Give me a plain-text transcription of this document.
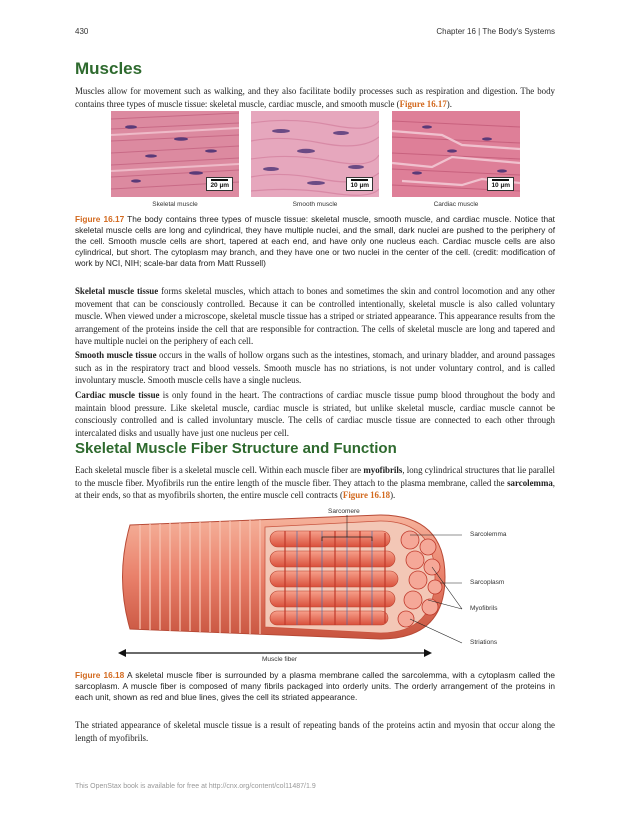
430	Chapter 16 | The Body's Systems
Muscles
Muscles allow for movement such as walking, and they also facilitate bodily processes such as respiration and digestion. The body contains three types of muscle tissue: skeletal muscle, cardiac muscle, and smooth muscle (Figure 16.17).
20 µm	10 µm	10 µm
Skeletal muscle	Smooth muscle	Cardiac muscle
Figure 16.17 The body contains three types of muscle tissue: skeletal muscle, smooth muscle, and cardiac muscle. Notice that skeletal muscle cells are long and cylindrical, they have multiple nuclei, and the small, dark nuclei are pushed to the periphery of the cell. Smooth muscle cells are short, tapered at each end, and have only one nucleus each. Cardiac muscle cells are also cylindrical, but short. The cytoplasm may branch, and they have one or two nuclei in the center of the cell. (credit: modification of work by NCI, NIH; scale-bar data from Matt Russell)
Skeletal muscle tissue forms skeletal muscles, which attach to bones and sometimes the skin and control locomotion and any other movement that can be consciously controlled. Because it can be controlled intentionally, skeletal muscle is also called voluntary muscle. When viewed under a microscope, skeletal muscle tissue has a striped or striated appearance. This appearance results from the arrangement of the proteins inside the cell that are responsible for contraction. The cells of skeletal muscle are long and tapered and have multiple nuclei on the periphery of each cell.
Smooth muscle tissue occurs in the walls of hollow organs such as the intestines, stomach, and urinary bladder, and around passages such as in the respiratory tract and blood vessels. Smooth muscle has no striations, is not under voluntary control, and is called involuntary muscle. Smooth muscle cells have a single nucleus.
Cardiac muscle tissue is only found in the heart. The contractions of cardiac muscle tissue pump blood throughout the body and maintain blood pressure. Like skeletal muscle, cardiac muscle is striated, but unlike skeletal muscle, cardiac muscle cannot be consciously controlled and is called involuntary muscle. The cells of cardiac muscle tissue are connected to each other through intercalated disks and usually have just one nucleus per cell.
Skeletal Muscle Fiber Structure and Function
Each skeletal muscle fiber is a skeletal muscle cell. Within each muscle fiber are myofibrils, long cylindrical structures that lie parallel to the muscle fiber. Myofibrils run the entire length of the muscle fiber. They attach to the plasma membrane, called the sarcolemma, at their ends, so that as myofibrils shorten, the entire muscle cell contracts (Figure 16.18).
Sarcomere
Sarcolemma
Sarcoplasm
Myofibrils
Striations
Muscle fiber
Figure 16.18 A skeletal muscle fiber is surrounded by a plasma membrane called the sarcolemma, with a cytoplasm called the sarcoplasm. A muscle fiber is composed of many fibrils packaged into orderly units. The orderly arrangement of the proteins in each unit, shown as red and blue lines, gives the cell its striated appearance.
The striated appearance of skeletal muscle tissue is a result of repeating bands of the proteins actin and myosin that occur along the length of myofibrils.
This OpenStax book is available for free at http://cnx.org/content/col11487/1.9
